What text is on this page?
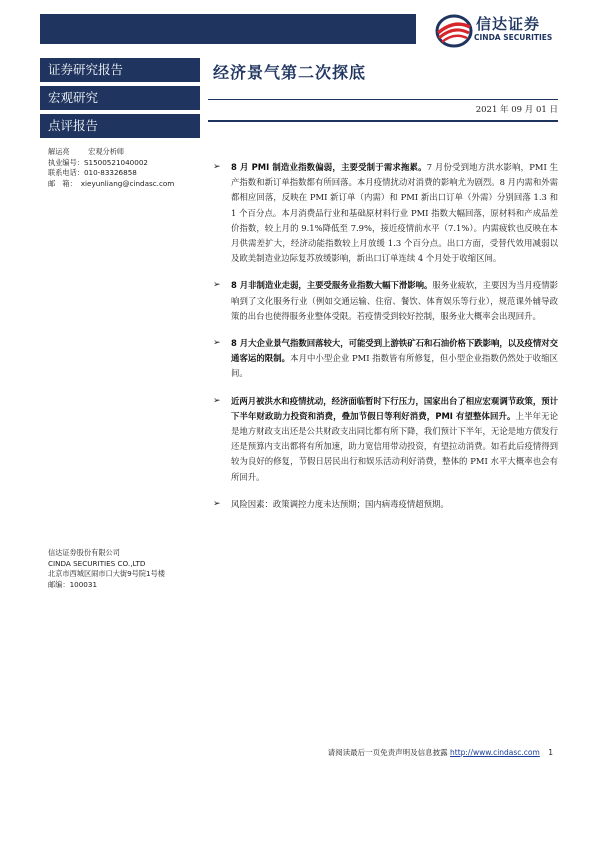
信达证券
CINDA SECURITIES
证券研究报告
宏观研究
点评报告
解运亮	宏观分析师
执业编号：S1500521040002
联系电话：010-83326858
邮　箱： xieyunliang@cindasc.com
经济景气第二次探底
2021 年 09 月 01 日
➢ 8 月 PMI 制造业指数偏弱，主要受制于需求拖累。7 月份受到地方洪水影响，PMI 生产指数和新订单指数都有所回落。本月疫情扰动对消费的影响尤为剧烈。8 月内需和外需都相应回落，反映在 PMI 新订单（内需）和 PMI 新出口订单（外需）分别回落 1.3 和 1 个百分点。本月消费品行业和基础原材料行业 PMI 指数大幅回落，原材料和产成品差价指数，较上月的 9.1%降低至 7.9%，接近疫情前水平（7.1%）。内需疲软也反映在本月供需差扩大，经济动能指数较上月放缓 1.3 个百分点。出口方面，受替代效用减弱以及欧美制造业边际复苏放缓影响，新出口订单连续 4 个月处于收缩区间。
➢ 8 月非制造业走弱，主要受服务业指数大幅下滑影响。服务业疲软，主要因为当月疫情影响到了文化服务行业（例如交通运输、住宿、餐饮、体育娱乐等行业），规范课外辅导政策的出台也使得服务业整体受限。若疫情受到较好控制，服务业大概率会出现回升。
➢ 8 月大企业景气指数回落较大，可能受到上游铁矿石和石油价格下跌影响，以及疫情对交通客运的限制。本月中小型企业 PMI 指数皆有所修复，但小型企业指数仍然处于收缩区间。
➢ 近两月被洪水和疫情扰动，经济面临暂时下行压力，国家出台了相应宏观调节政策，预计下半年财政助力投资和消费，叠加节假日等利好消费，PMI 有望整体回升。上半年无论是地方财政支出还是公共财政支出同比都有所下降，我们预计下半年，无论是地方债发行还是预算内支出都将有所加速，助力宽信用带动投资，有望拉动消费。如若此后疫情得到较为良好的修复，节假日居民出行和娱乐活动利好消费，整体的 PMI 水平大概率也会有所回升。
➢ 风险因素：政策调控力度未达预期；国内病毒疫情超预期。
信达证券股份有限公司
CINDA SECURITIES CO.,LTD
北京市西城区闹市口大街9号院1号楼
邮编：100031
请阅读最后一页免责声明及信息披露 http://www.cindasc.com 1
